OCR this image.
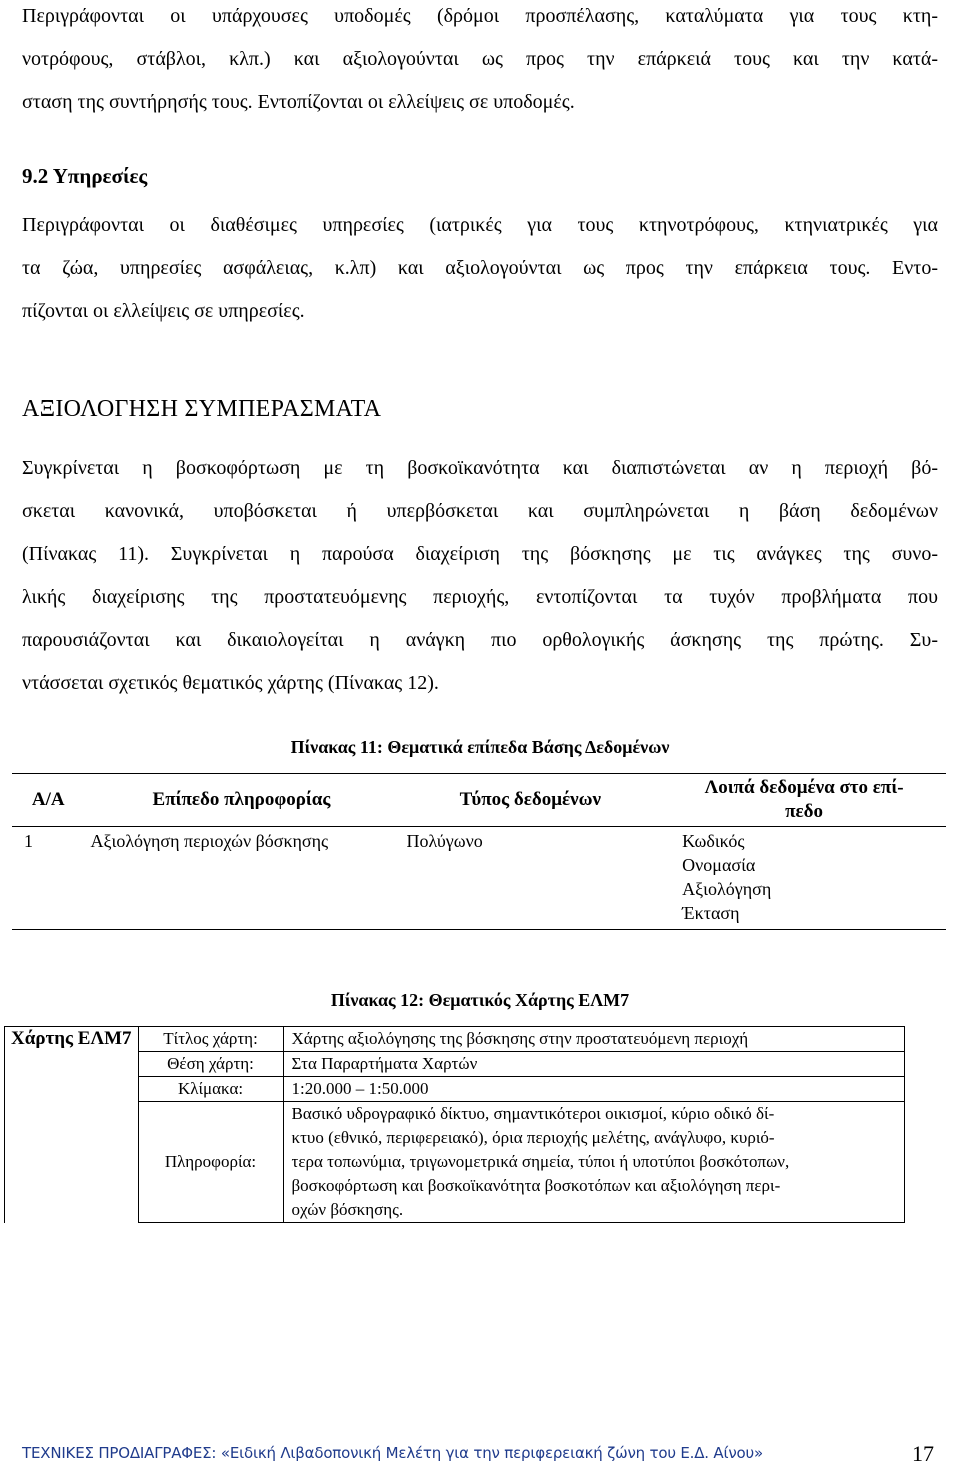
Περιγράφονται οι υπάρχουσες υποδομές (δρόμοι προσπέλασης, καταλύματα για τους κτη-
νοτρόφους, στάβλοι, κλπ.) και αξιολογούνται ως προς την επάρκειά τους και την κατά-
σταση της συντήρησής τους. Εντοπίζονται οι ελλείψεις σε υποδομές.
9.2 Υπηρεσίες
Περιγράφονται οι διαθέσιμες υπηρεσίες (ιατρικές για τους κτηνοτρόφους, κτηνιατρικές για
τα ζώα, υπηρεσίες ασφάλειας, κ.λπ) και αξιολογούνται ως προς την επάρκεια τους. Εντο-
πίζονται οι ελλείψεις σε υπηρεσίες.
ΑΞΙΟΛΟΓΗΣΗ ΣΥΜΠΕΡΑΣΜΑΤΑ
Συγκρίνεται η βοσκοφόρτωση με τη βοσκοϊκανότητα και διαπιστώνεται αν η περιοχή βό-
σκεται κανονικά, υποβόσκεται ή υπερβόσκεται και συμπληρώνεται η βάση δεδομένων
(Πίνακας 11). Συγκρίνεται η παρούσα διαχείριση της βόσκησης με τις ανάγκες της συνο-
λικής διαχείρισης της προστατευόμενης περιοχής, εντοπίζονται τα τυχόν προβλήματα που
παρουσιάζονται και δικαιολογείται η ανάγκη πιο ορθολογικής άσκησης της πρώτης. Συ-
ντάσσεται σχετικός θεματικός χάρτης (Πίνακας 12).
Πίνακας 11: Θεματικά επίπεδα Βάσης Δεδομένων
Α/Α	Επίπεδο πληροφορίας	Τύπος δεδομένων	Λοιπά δεδομένα στο επί-
πεδο

1	Αξιολόγηση περιοχών βόσκησης	Πολύγωνο	Κωδικός
Ονομασία
Αξιολόγηση
Έκταση
Πίνακας 12: Θεματικός Χάρτης ΕΛΜ7
Χάρτης ΕΛΜ7	Τίτλος χάρτη:	Χάρτης αξιολόγησης της βόσκησης στην προστατευόμενη περιοχή
	Θέση χάρτη:	Στα Παραρτήματα Χαρτών
	Κλίμακα:	1:20.000 – 1:50.000
	Πληροφορία:	Βασικό υδρογραφικό δίκτυο, σημαντικότεροι οικισμοί, κύριο οδικό δί-
κτυο (εθνικό, περιφερειακό), όρια περιοχής μελέτης, ανάγλυφο, κυριό-
τερα τοπωνύμια, τριγωνομετρικά σημεία, τύποι ή υποτύποι βοσκότοπων,
βοσκοφόρτωση και βοσκοϊκανότητα βοσκοτόπων και αξιολόγηση περι-
οχών βόσκησης.
ΤΕΧΝΙΚΕΣ ΠΡΟΔΙΑΓΡΑΦΕΣ: «Ειδική Λιβαδοπονική Μελέτη για την περιφερειακή ζώνη του Ε.Δ. Αίνου»	17
